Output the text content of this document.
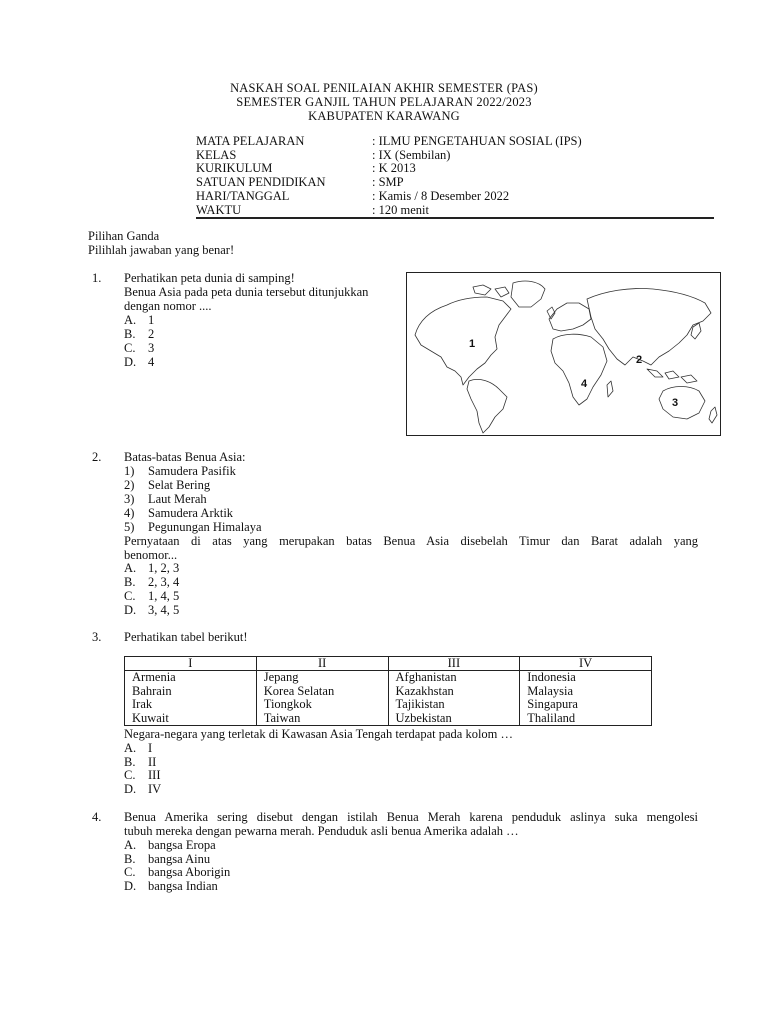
NASKAH SOAL PENILAIAN AKHIR SEMESTER (PAS)
SEMESTER GANJIL TAHUN PELAJARAN 2022/2023
KABUPATEN KARAWANG
MATA PELAJARAN	: ILMU PENGETAHUAN SOSIAL (IPS)
KELAS	: IX (Sembilan)
KURIKULUM	: K 2013
SATUAN PENDIDIKAN	: SMP
HARI/TANGGAL	: Kamis / 8 Desember 2022
WAKTU	: 120 menit
Pilihan Ganda
Pilihlah jawaban yang benar!
1. Perhatikan peta dunia di samping!
Benua Asia pada peta dunia tersebut ditunjukkan
dengan nomor ....
A. 1
B. 2
C. 3
D. 4
1
2
3
4
2. Batas-batas Benua Asia:
1) Samudera Pasifik
2) Selat Bering
3) Laut Merah
4) Samudera Arktik
5) Pegunungan Himalaya
Pernyataan di atas yang merupakan batas Benua Asia disebelah Timur dan Barat adalah yang
benomor...
A. 1, 2, 3
B. 2, 3, 4
C. 1, 4, 5
D. 3, 4, 5
3. Perhatikan tabel berikut!
I	II	III	IV
Armenia	Jepang	Afghanistan	Indonesia
Bahrain	Korea Selatan	Kazakhstan	Malaysia
Irak	Tiongkok	Tajikistan	Singapura
Kuwait	Taiwan	Uzbekistan	Thaliland
Negara-negara yang terletak di Kawasan Asia Tengah terdapat pada kolom …
A. I
B. II
C. III
D. IV
4. Benua Amerika sering disebut dengan istilah Benua Merah karena penduduk aslinya suka mengolesi
tubuh mereka dengan pewarna merah. Penduduk asli benua Amerika adalah …
A. bangsa Eropa
B. bangsa Ainu
C. bangsa Aborigin
D. bangsa Indian
